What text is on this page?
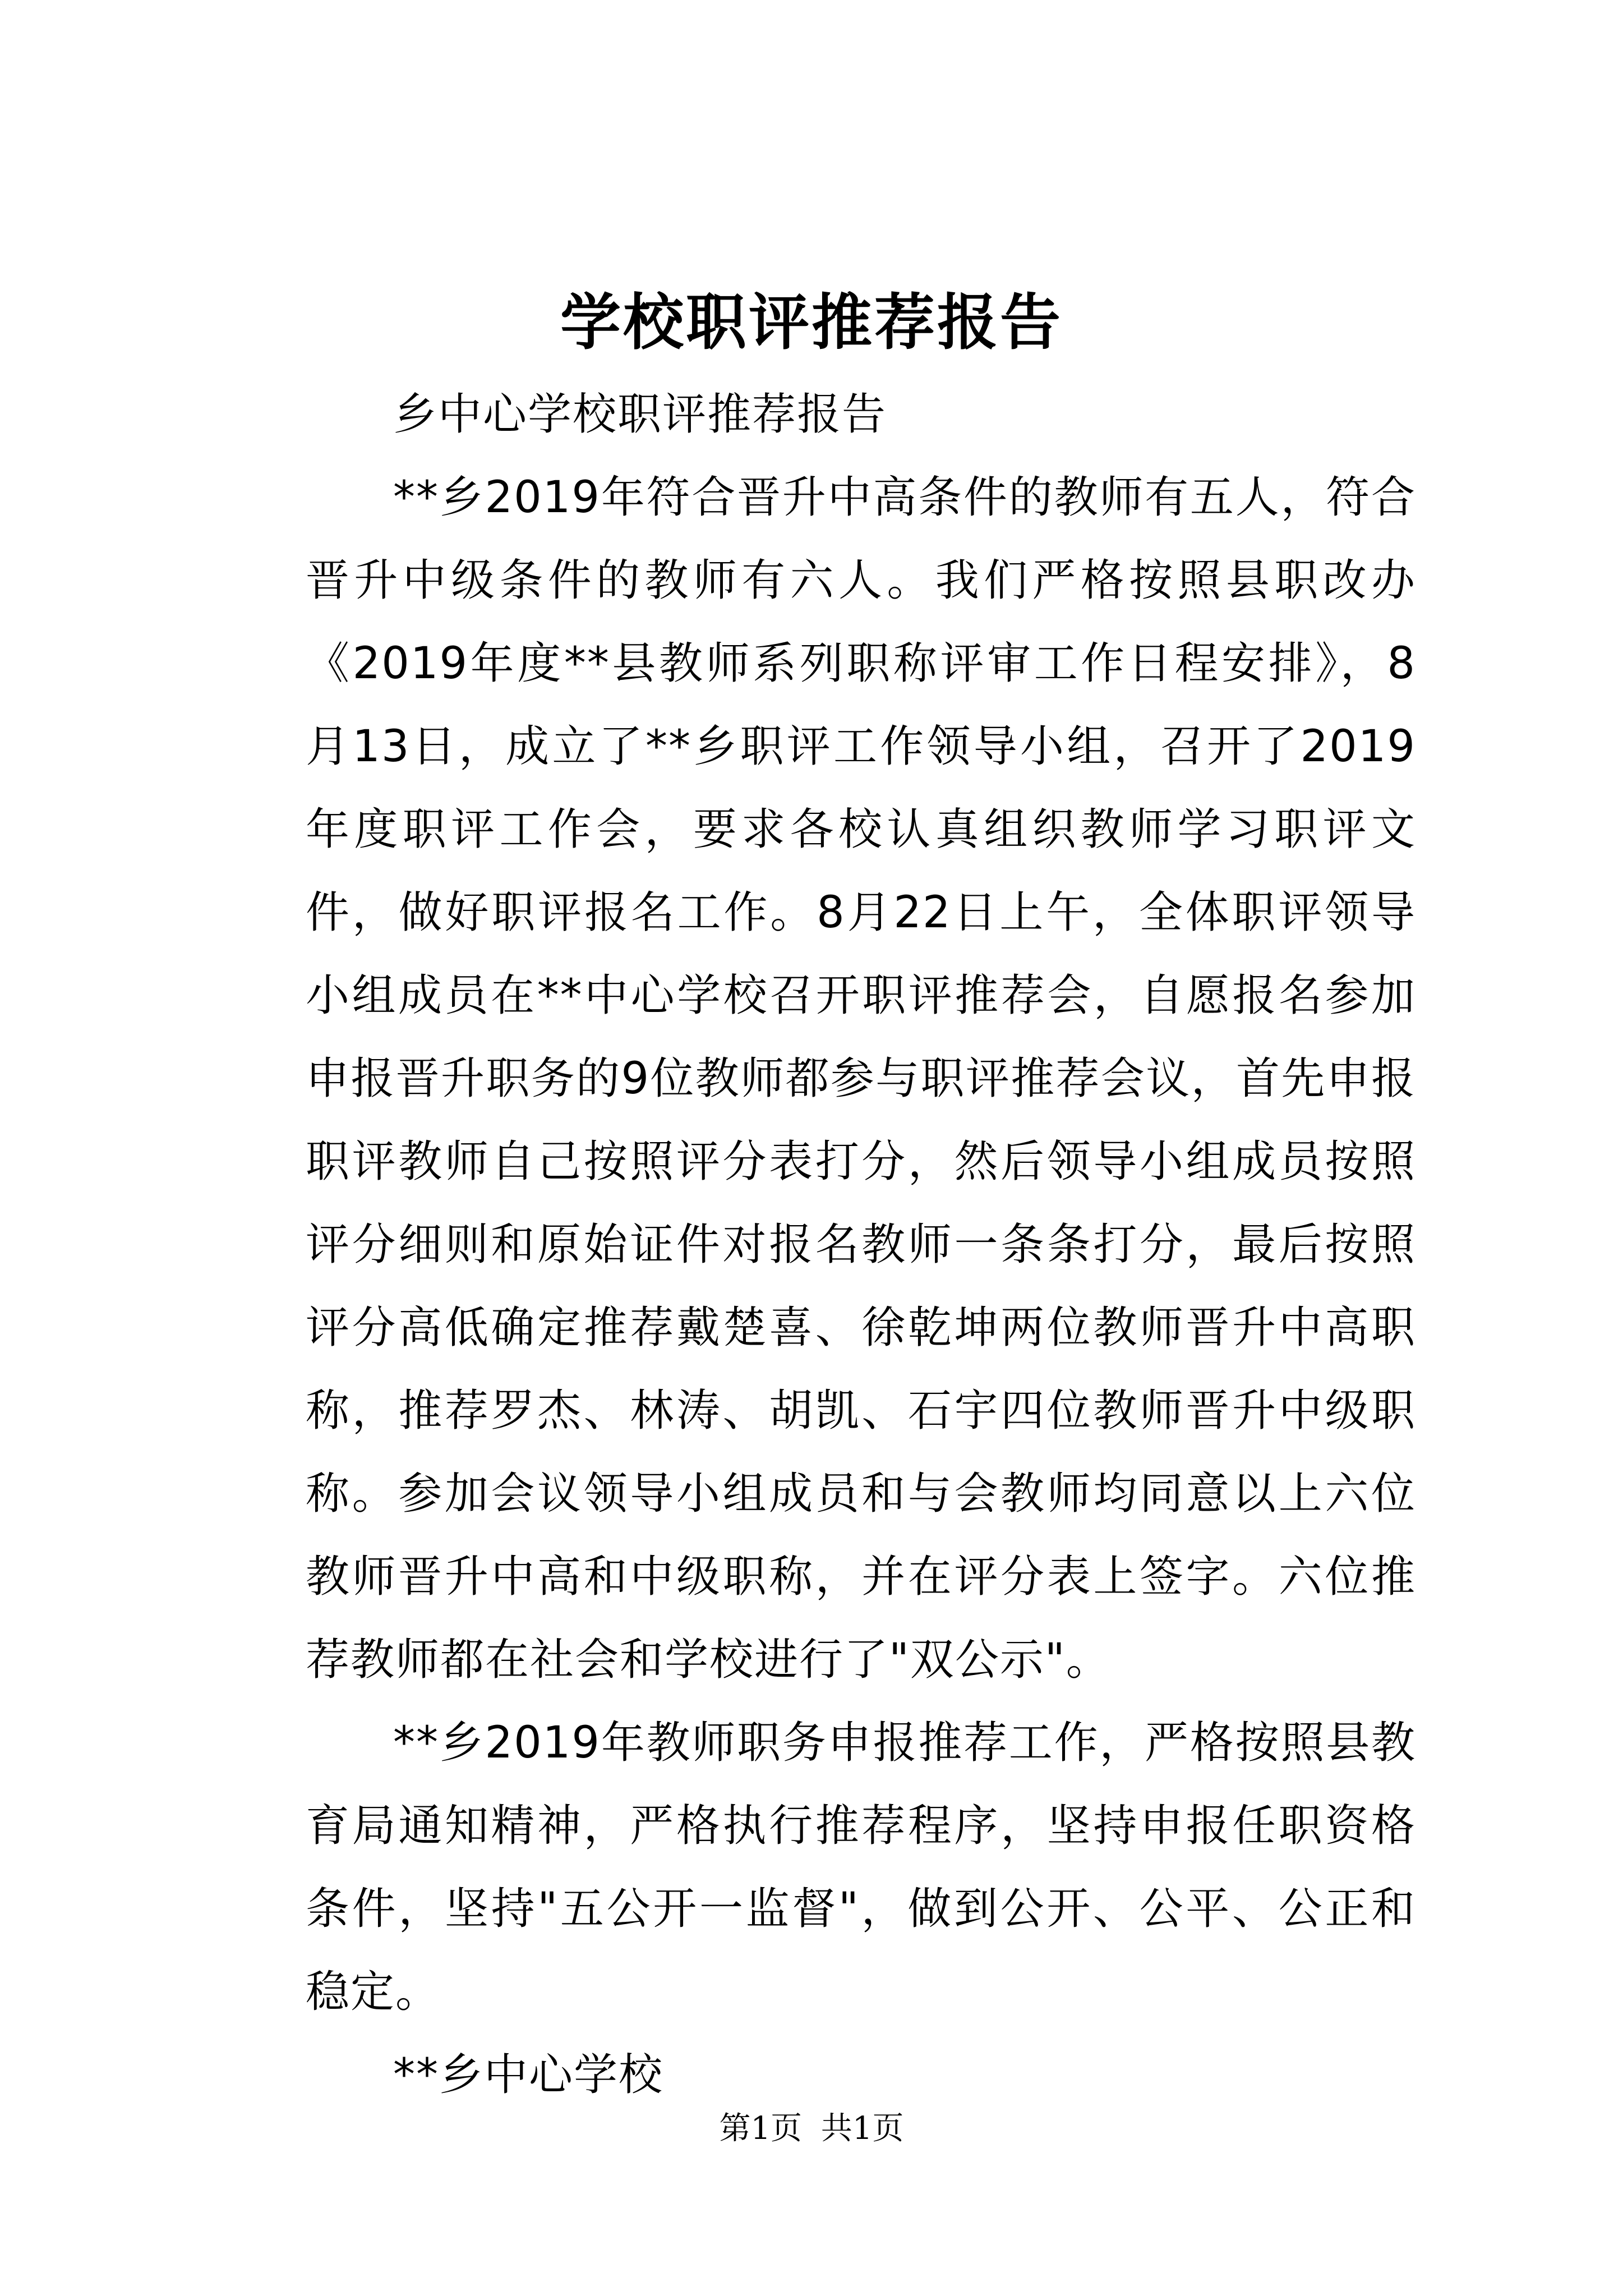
学校职评推荐报告

乡中心学校职评推荐报告

**乡2019年符合晋升中高条件的教师有五人，符合晋升中级条件的教师有六人。我们严格按照县职改办《2019年度**县教师系列职称评审工作日程安排》，8月13日，成立了**乡职评工作领导小组，召开了2019年度职评工作会，要求各校认真组织教师学习职评文件，做好职评报名工作。8月22日上午，全体职评领导小组成员在**中心学校召开职评推荐会，自愿报名参加申报晋升职务的9位教师都参与职评推荐会议，首先申报职评教师自己按照评分表打分，然后领导小组成员按照评分细则和原始证件对报名教师一条条打分，最后按照评分高低确定推荐戴楚喜、徐乾坤两位教师晋升中高职称，推荐罗杰、林涛、胡凯、石宇四位教师晋升中级职称。参加会议领导小组成员和与会教师均同意以上六位教师晋升中高和中级职称，并在评分表上签字。六位推荐教师都在社会和学校进行了"双公示"。

**乡2019年教师职务申报推荐工作，严格按照县教育局通知精神，严格执行推荐程序，坚持申报任职资格条件，坚持"五公开一监督"，做到公开、公平、公正和稳定。

**乡中心学校

第1页 共1页
